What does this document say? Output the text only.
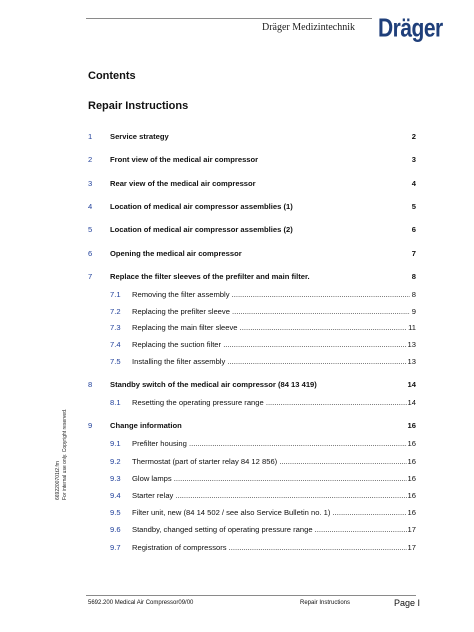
Dräger Medizintechnik Dräger
Contents
Repair Instructions
1 Service strategy	2
2 Front view of the medical air compressor	3
3 Rear view of the medical air compressor	4
4 Location of medical air compressor assemblies (1)	5
5 Location of medical air compressor assemblies (2)	6
6 Opening the medical air compressor	7
7 Replace the filter sleeves of the prefilter and main filter.	8
7.1 Removing the filter assembly .....	8
7.2 Replacing the prefilter sleeve .....	9
7.3 Replacing the main filter sleeve .....	11
7.4 Replacing the suction filter .....	13
7.5 Installing the filter assembly .....	13
8 Standby switch of the medical air compressor (84 13 419)	14
8.1 Resetting the operating pressure range .....	14
9 Change information	16
9.1 Prefilter housing .....	16
9.2 Thermostat (part of starter relay 84 12 856) .....	16
9.3 Glow lamps .....	16
9.4 Starter relay .....	16
9.5 Filter unit, new (84 14 502 / see also Service Bulletin no. 1) .....	16
9.6 Standby, changed setting of operating pressure range .....	17
9.7 Registration of compressors .....	17
6692200701t2.fm For internal use only. Copyright reserved.
5692.200 Medical Air Compressor09/00	Repair Instructions	Page I
